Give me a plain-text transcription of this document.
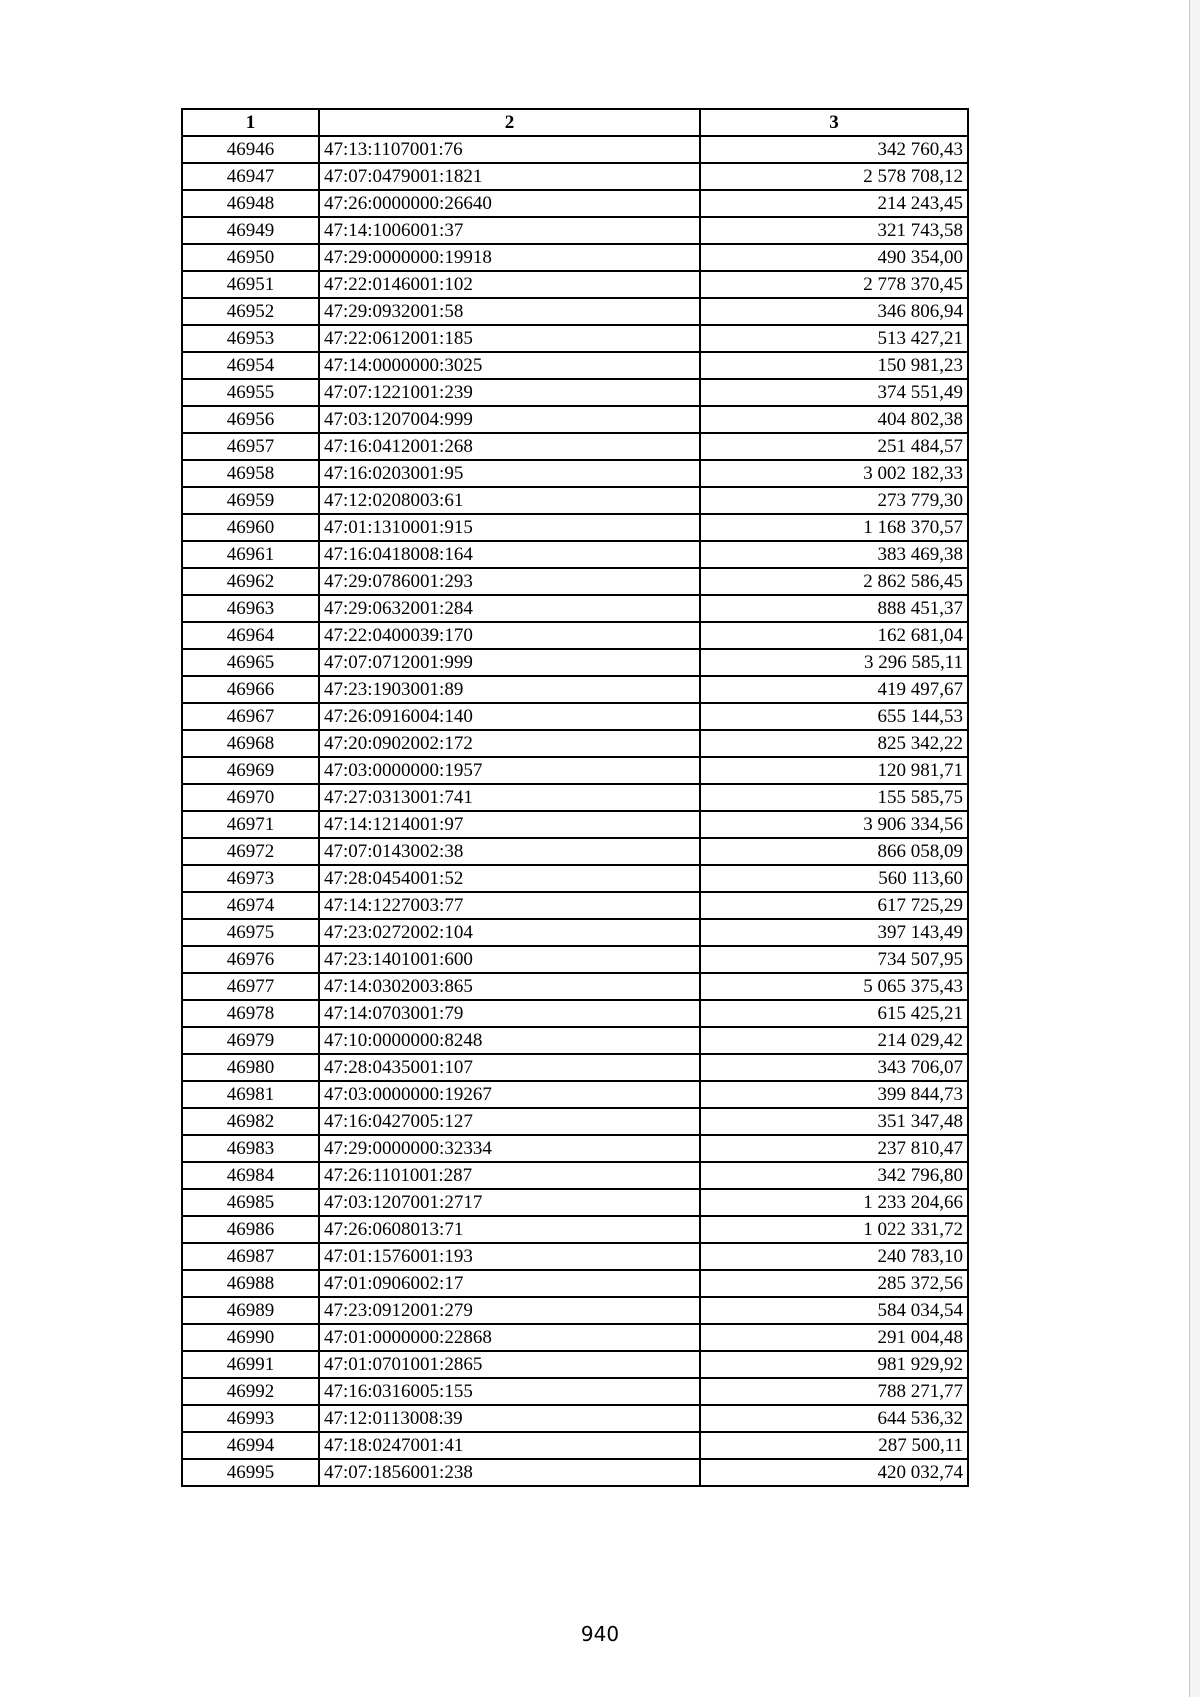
1	2	3
46946	47:13:1107001:76	342 760,43
46947	47:07:0479001:1821	2 578 708,12
46948	47:26:0000000:26640	214 243,45
46949	47:14:1006001:37	321 743,58
46950	47:29:0000000:19918	490 354,00
46951	47:22:0146001:102	2 778 370,45
46952	47:29:0932001:58	346 806,94
46953	47:22:0612001:185	513 427,21
46954	47:14:0000000:3025	150 981,23
46955	47:07:1221001:239	374 551,49
46956	47:03:1207004:999	404 802,38
46957	47:16:0412001:268	251 484,57
46958	47:16:0203001:95	3 002 182,33
46959	47:12:0208003:61	273 779,30
46960	47:01:1310001:915	1 168 370,57
46961	47:16:0418008:164	383 469,38
46962	47:29:0786001:293	2 862 586,45
46963	47:29:0632001:284	888 451,37
46964	47:22:0400039:170	162 681,04
46965	47:07:0712001:999	3 296 585,11
46966	47:23:1903001:89	419 497,67
46967	47:26:0916004:140	655 144,53
46968	47:20:0902002:172	825 342,22
46969	47:03:0000000:1957	120 981,71
46970	47:27:0313001:741	155 585,75
46971	47:14:1214001:97	3 906 334,56
46972	47:07:0143002:38	866 058,09
46973	47:28:0454001:52	560 113,60
46974	47:14:1227003:77	617 725,29
46975	47:23:0272002:104	397 143,49
46976	47:23:1401001:600	734 507,95
46977	47:14:0302003:865	5 065 375,43
46978	47:14:0703001:79	615 425,21
46979	47:10:0000000:8248	214 029,42
46980	47:28:0435001:107	343 706,07
46981	47:03:0000000:19267	399 844,73
46982	47:16:0427005:127	351 347,48
46983	47:29:0000000:32334	237 810,47
46984	47:26:1101001:287	342 796,80
46985	47:03:1207001:2717	1 233 204,66
46986	47:26:0608013:71	1 022 331,72
46987	47:01:1576001:193	240 783,10
46988	47:01:0906002:17	285 372,56
46989	47:23:0912001:279	584 034,54
46990	47:01:0000000:22868	291 004,48
46991	47:01:0701001:2865	981 929,92
46992	47:16:0316005:155	788 271,77
46993	47:12:0113008:39	644 536,32
46994	47:18:0247001:41	287 500,11
46995	47:07:1856001:238	420 032,74
940
